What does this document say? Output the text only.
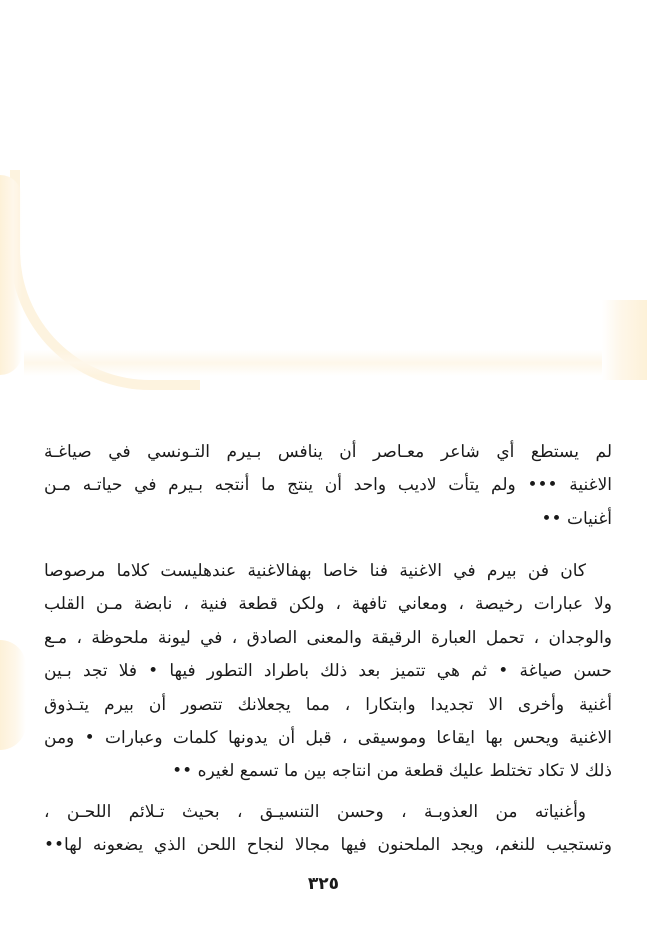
لم يستطع أي شاعر معـاصر أن ينافس بـيرم التـونسي في صياغـة
الاغنية ••• ولم يتأت لاديب واحد أن ينتج ما أنتجه بـيرم في حياتـه مـن
أغنيات ••
كان فن بيرم في الاغنية فنا خاصا بهفالاغنية عندهليست كلاما مرصوصا
ولا عبارات رخيصة ، ومعاني تافهة ، ولكن قطعة فنية ، نابضة مـن القلب
والوجدان ، تحمل العبارة الرقيقة والمعنى الصادق ، في ليونة ملحوظة ، مـع
حسن صياغة • ثم هي تتميز بعد ذلك باطراد التطور فيها • فلا تجد بـين
أغنية وأخرى الا تجديدا وابتكارا ، مما يجعلانك تتصور أن بيرم يتـذوق
الاغنية ويحس بها ايقاعا وموسيقى ، قبل أن يدونها كلمات وعبارات • ومن
ذلك لا تكاد تختلط عليك قطعة من انتاجه بين ما تسمع لغيره ••
وأغنياته من العذوبـة ، وحسن التنسيـق ، بحيث تـلائم اللحـن ،
وتستجيب للنغم، ويجد الملحنون فيها مجالا لنجاح اللحن الذي يضعونه لها••
٣٢٥
